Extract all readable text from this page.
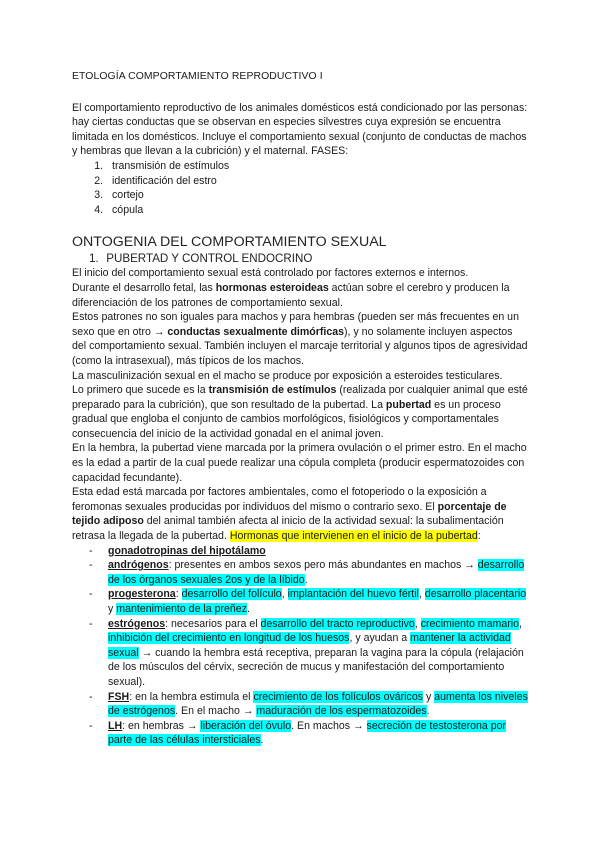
ETOLOGÍA COMPORTAMIENTO REPRODUCTIVO I

El comportamiento reproductivo de los animales domésticos está condicionado por las personas: hay ciertas conductas que se observan en especies silvestres cuya expresión se encuentra limitada en los domésticos. Incluye el comportamiento sexual (conjunto de conductas de machos y hembras que llevan a la cubrición) y el maternal. FASES:

1. transmisión de estímulos
2. identificación del estro
3. cortejo
4. cópula
ONTOGENIA DEL COMPORTAMIENTO SEXUAL
1. PUBERTAD Y CONTROL ENDOCRINO

El inicio del comportamiento sexual está controlado por factores externos e internos.

Durante el desarrollo fetal, las hormonas esteroideas actúan sobre el cerebro y producen la diferenciación de los patrones de comportamiento sexual.

Estos patrones no son iguales para machos y para hembras (pueden ser más frecuentes en un sexo que en otro → conductas sexualmente dimórficas), y no solamente incluyen aspectos del comportamiento sexual. También incluyen el marcaje territorial y algunos tipos de agresividad (como la intrasexual), más típicos de los machos.

La masculinización sexual en el macho se produce por exposición a esteroides testiculares.

Lo primero que sucede es la transmisión de estímulos (realizada por cualquier animal que esté preparado para la cubrición), que son resultado de la pubertad. La pubertad es un proceso gradual que engloba el conjunto de cambios morfológicos, fisiológicos y comportamentales consecuencia del inicio de la actividad gonadal en el animal joven.

En la hembra, la pubertad viene marcada por la primera ovulación o el primer estro. En el macho es la edad a partir de la cual puede realizar una cópula completa (producir espermatozoides con capacidad fecundante).

Esta edad está marcada por factores ambientales, como el fotoperiodo o la exposición a feromonas sexuales producidas por individuos del mismo o contrario sexo. El porcentaje de tejido adiposo del animal también afecta al inicio de la actividad sexual: la subalimentación retrasa la llegada de la pubertad. Hormonas que intervienen en el inicio de la pubertad:

- gonadotropinas del hipotálamo
- andrógenos: presentes en ambos sexos pero más abundantes en machos → desarrollo de los órganos sexuales 2os y de la líbido.
- progesterona: desarrollo del folículo, implantación del huevo fértil, desarrollo placentario y mantenimiento de la preñez.
- estrógenos: necesarios para el desarrollo del tracto reproductivo, crecimiento mamario, inhibición del crecimiento en longitud de los huesos, y ayudan a mantener la actividad sexual → cuando la hembra está receptiva, preparan la vagina para la cópula (relajación de los músculos del cérvix, secreción de mucus y manifestación del comportamiento sexual).
- FSH: en la hembra estimula el crecimiento de los folículos ováricos y aumenta los niveles de estrógenos. En el macho → maduración de los espermatozoides.
- LH: en hembras → liberación del óvulo. En machos → secreción de testosterona por parte de las células intersticiales.
